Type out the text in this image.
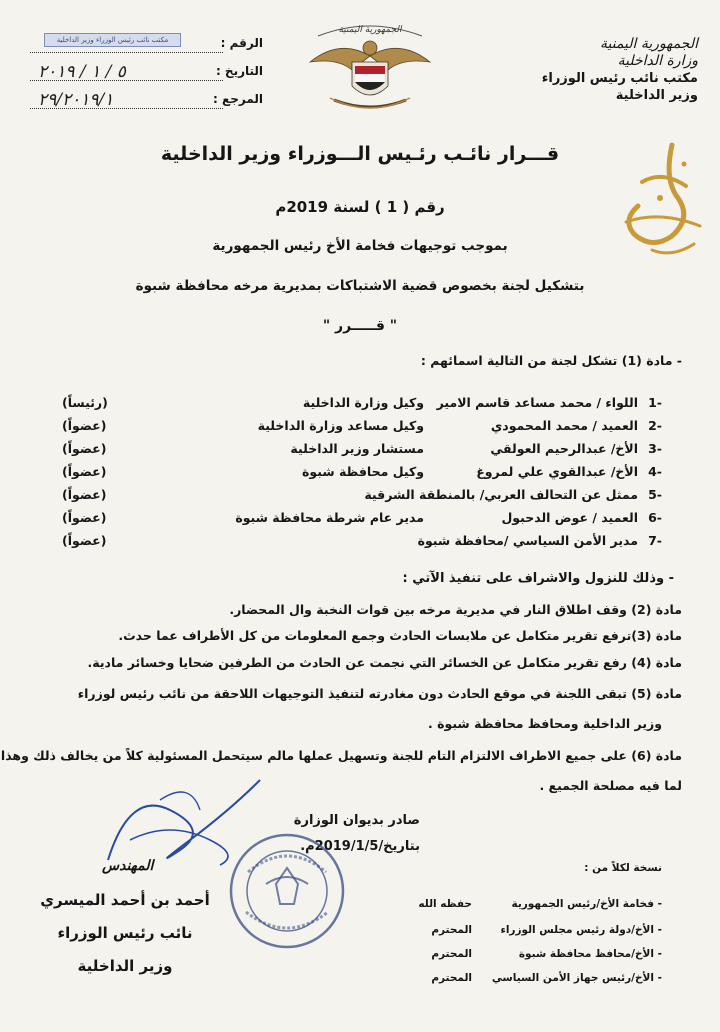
الجمهورية اليمنية
وزارة الداخلية
مكتب نائب رئيس الوزراء
وزير الداخلية
الجمهورية اليمنية
الرقم :
التاريخ :
٥ / ١ / ٢٠١٩
المرجع :
٢٩/٢٠١٩/١
مكتب نائب رئيس الوزراء وزير الداخلية
قـــرار نائـب رئـيس الـــوزراء وزير الداخلية
رقم ( 1 ) لسنة 2019م
بموجب توجيهات فخامة الأخ رئيس الجمهورية
بتشكيل لجنة بخصوص قضية الاشتباكات بمديرية مرخه محافظة شبوة
" قـــــرر "
- مادة (1) تشكل لجنة من التالية اسمائهم :
-1
اللواء / محمد مساعد قاسم الامير
وكيل وزارة الداخلية
(رئيساً)
-2
العميد / محمد المحمودي
وكيل مساعد وزارة الداخلية
(عضواً)
-3
الأخ/ عبدالرحيم العولقي
مستشار وزير الداخلية
(عضواً)
-4
الأخ/ عبدالقوي علي لمروغ
وكيل محافظة شبوة
(عضواً)
-5
ممثل عن التحالف العربي/ بالمنطقة الشرقية
(عضواً)
-6
العميد / عوض الدحبول
مدير عام شرطة محافظة شبوة
(عضواً)
-7
مدير الأمن السياسي /محافظة شبوة
(عضواً)
- وذلك للنزول والاشراف على تنفيذ الآتي :
مادة (2) وقف اطلاق النار في مديرية مرخه بين قوات النخبة وال المحضار.
مادة (3)ترفع تقرير متكامل عن ملابسات الحادث وجمع المعلومات من كل الأطراف عما حدث.
مادة (4) رفع تقرير متكامل عن الخسائر التي نجمت عن الحادث من الطرفين ضحايا وخسائر مادية.
مادة (5) تبقى اللجنة في موقع الحادث دون مغادرته لتنفيذ التوجيهات اللاحقة من نائب رئيس لوزراء
وزير الداخلية ومحافظ محافظة شبوة .
مادة (6) على جميع الاطراف الالتزام التام للجنة وتسهيل عملها مالم سيتحمل المسئولية كلاً من يخالف ذلك وهذا
لما فيه مصلحة الجميع .
صادر بديوان الوزارة
بتاريخ/2019/1/5م.
المهندس
أحمد بن أحمد الميسري
نائب رئيس الوزراء
وزير الداخلية
نسخة لكلاً من :
- فخامة الأخ/رئيس الجمهوريةحفظه الله
- الأخ/دولة رئيس مجلس الوزراءالمحترم
- الأخ/محافظ محافظة شبوةالمحترم
- الأخ/رئيس جهاز الأمن السياسيالمحترم
